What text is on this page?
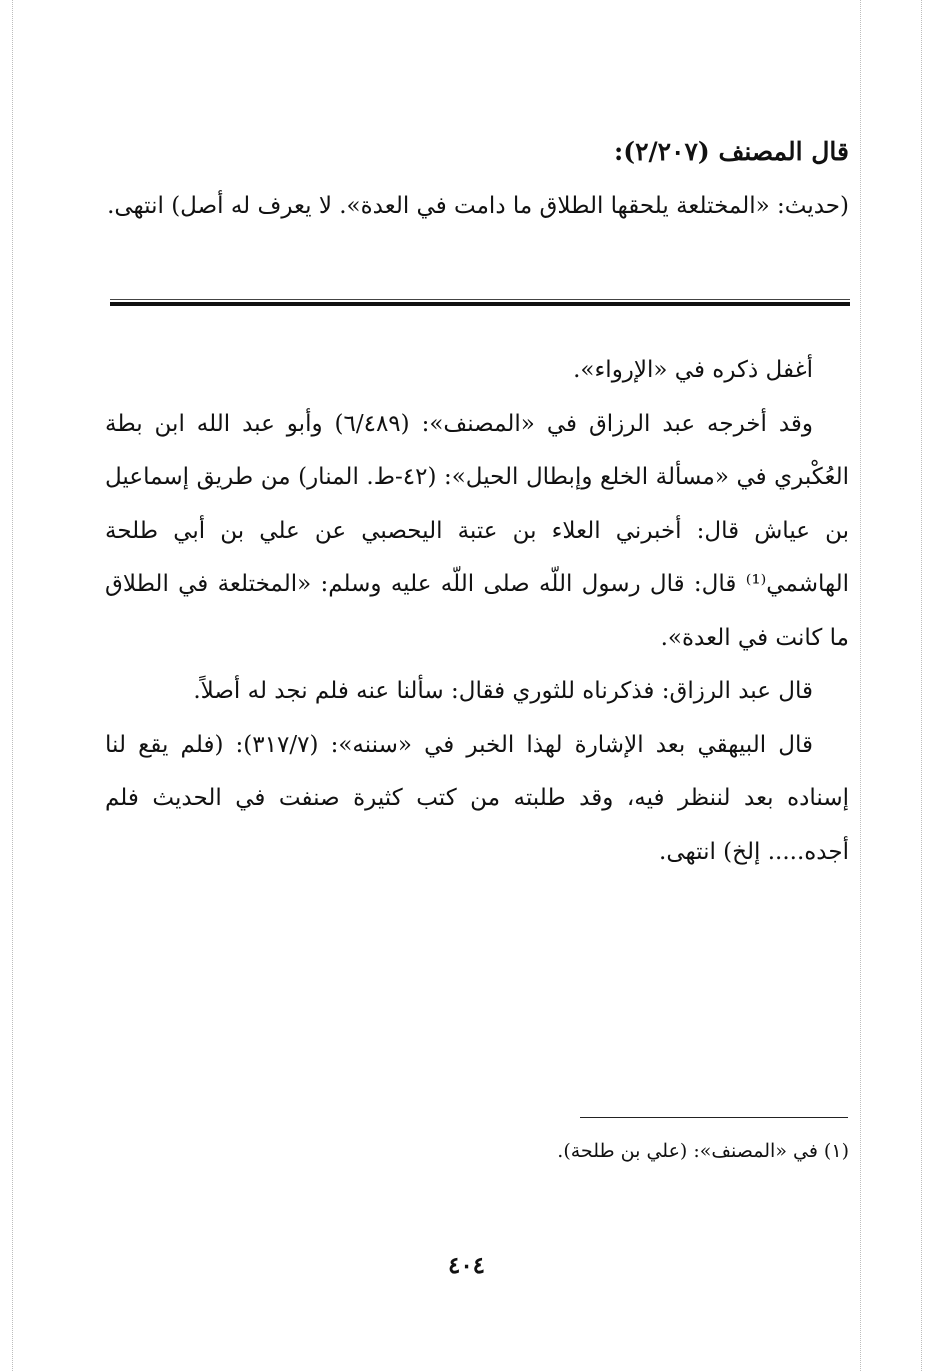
قال المصنف (٢/٢٠٧):
(حديث: «المختلعة يلحقها الطلاق ما دامت في العدة». لا يعرف له أصل) انتهى.

أغفل ذكره في «الإرواء».

وقد أخرجه عبد الرزاق في «المصنف»: (٦/٤٨٩) وأبو عبد الله ابن بطة العُكْبري في «مسألة الخلع وإبطال الحيل»: (٤٢-ط. المنار) من طريق إسماعيل بن عياش قال: أخبرني العلاء بن عتبة اليحصبي عن علي بن أبي طلحة الهاشمي⁽¹⁾ قال: قال رسول اللّه صلى اللّه عليه وسلم: «المختلعة في الطلاق ما كانت في العدة».

قال عبد الرزاق: فذكرناه للثوري فقال: سألنا عنه فلم نجد له أصلاً.

قال البيهقي بعد الإشارة لهذا الخبر في «سننه»: (٣١٧/٧): (فلم يقع لنا إسناده بعد لننظر فيه، وقد طلبته من كتب كثيرة صنفت في الحديث فلم أجده..... إلخ) انتهى.

(١) في «المصنف»: (علي بن طلحة).
٤٠٤
